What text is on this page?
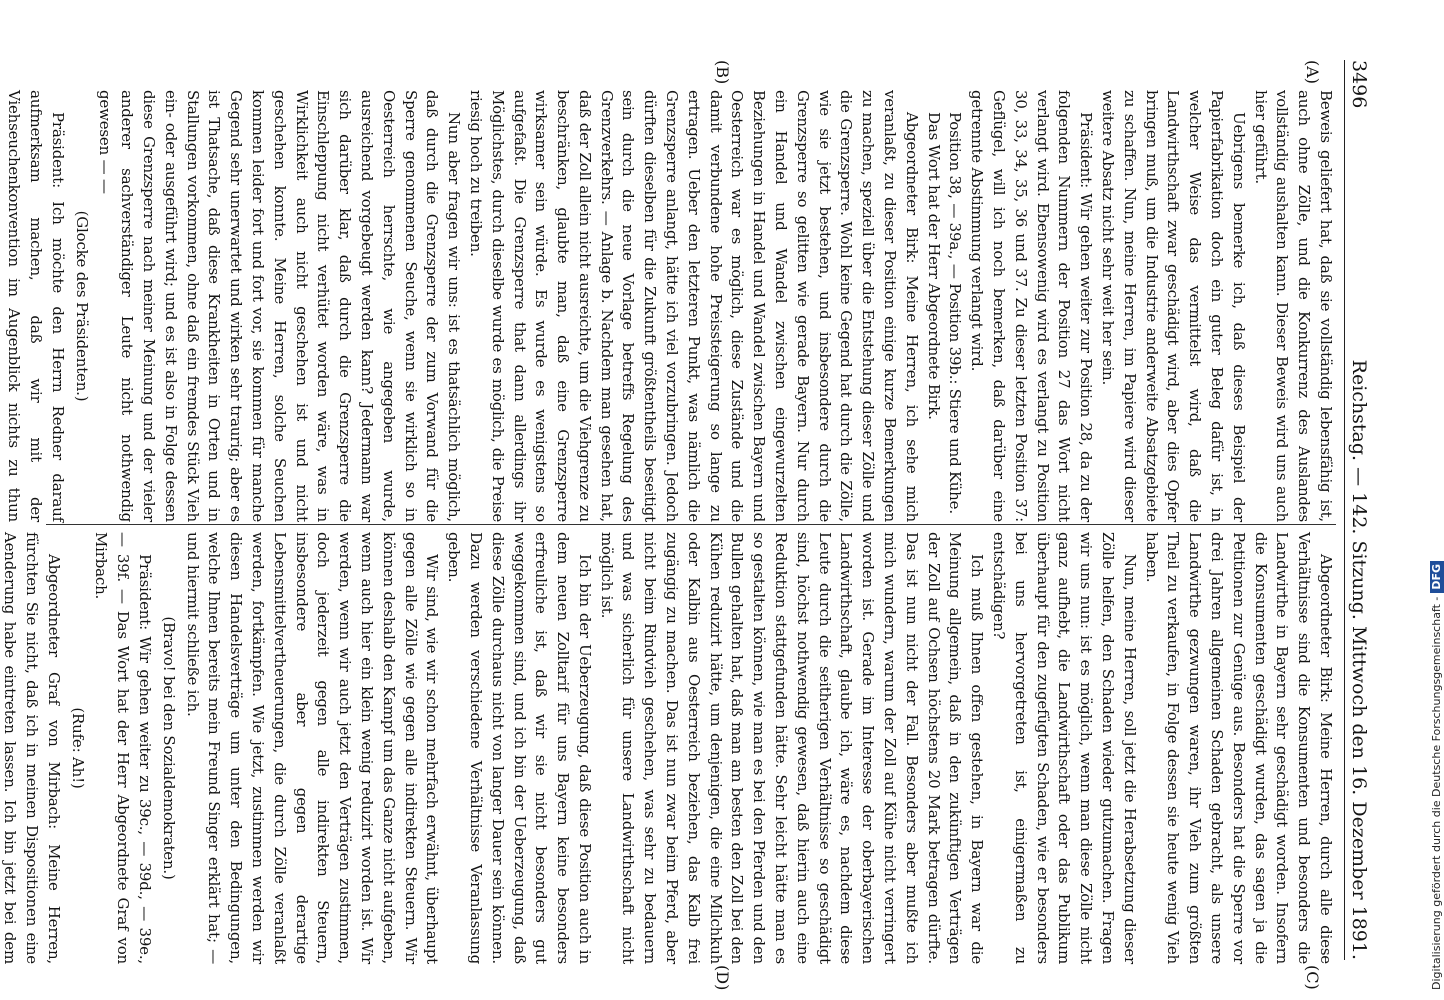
3496
Reichstag. — 142. Sitzung. Mittwoch den 16. Dezember 1891.
(A)
(B)
(C)
(D)

Beweis geliefert hat, daß sie vollständig lebensfähig ist, auch ohne Zölle, und die Konkurrenz des Auslandes vollständig aushalten kann. Dieser Beweis wird uns auch hier geführt.

Uebrigens bemerke ich, daß dieses Beispiel der Papierfabrikation doch ein guter Beleg dafür ist, in welcher Weise das vermittelst wird, daß die Landwirthschaft zwar geschädigt wird, aber dies Opfer bringen muß, um die Industrie anderweite Absatzgebiete zu schaffen. Nun, meine Herren, im Papiere wird dieser weitere Absatz nicht sehr weit her sein.

Präsident: Wir gehen weiter zur Position 28, da zu der folgenden Nummern der Position 27 das Wort nicht verlangt wird. Ebensowenig wird es verlangt zu Position 30, 33, 34, 35, 36 und 37. Zu dieser letzten Position 37: Geflügel, will ich noch bemerken, daß darüber eine getrennte Abstimmung verlangt wird.

Position 38, — 39a., — Position 39b.: Stiere und Kühe.

Das Wort hat der Herr Abgeordnete Birk.

Abgeordneter Birk: Meine Herren, ich sehe mich veranlaßt, zu dieser Position einige kurze Bemerkungen zu machen, speziell über die Entstehung dieser Zölle und die Grenzsperre. Wohl keine Gegend hat durch die Zölle, wie sie jetzt bestehen, und insbesondere durch die Grenzsperre so gelitten wie gerade Bayern. Nur durch ein Handel und Wandel zwischen eingewurzelten Beziehungen in Handel und Wandel zwischen Bayern und Oesterreich war es möglich, diese Zustände und die damit verbundene hohe Preissteigerung so lange zu ertragen. Ueber den letzteren Punkt, was nämlich die Grenzsperre anlangt, hätte ich viel vorzubringen. Jedoch dürften dieselben für die Zukunft größtentheils beseitigt sein durch die neue Vorlage betreffs Regelung des Grenzverkehrs. — Anlage b. Nachdem man gesehen hat, daß der Zoll allein nicht ausreichte, um die Viehgrenze zu beschränken, glaubte man, daß eine Grenzsperre wirksamer sein würde. Es wurde es wenigstens so aufgefaßt. Die Grenzsperre that dann allerdings ihr Möglichstes, durch dieselbe wurde es möglich, die Preise riesig hoch zu treiben.

Nun aber fragen wir uns: ist es thatsächlich möglich, daß durch die Grenzsperre der zum Vorwand für die Sperre genommenen Seuche, wenn sie wirklich so in Oesterreich herrschte, wie angegeben wurde, ausreichend vorgebeugt werden kann? Jedermann war sich darüber klar, daß durch die Grenzsperre die Einschleppung nicht verhütet worden wäre, was in Wirklichkeit auch nicht geschehen ist und nicht geschehen konnte. Meine Herren, solche Seuchen kommen leider fort und fort vor, sie kommen für manche Gegend sehr unerwartet und wirken sehr traurig; aber es ist Thatsache, daß diese Krankheiten in Orten und in Stallungen vorkommen, ohne daß ein fremdes Stück Vieh ein- oder ausgeführt wird; und es ist also in Folge dessen diese Grenzsperre nach meiner Meinung und der vieler anderer sachverständiger Leute nicht nothwendig gewesen — —

(Glocke des Präsidenten.)

Präsident: Ich möchte den Herrn Redner darauf aufmerksam machen, daß wir mit der Viehseuchenkonvention im Augenblick nichts zu thun

Abgeordneter Birk: Meine Herren, durch alle diese Verhältnisse sind die Konsumenten und besonders die Landwirthe in Bayern sehr geschädigt worden. Insofern die Konsumenten geschädigt wurden, das sagen ja die Petitionen zur Genüge aus. Besonders hat die Sperre vor drei Jahren allgemeinen Schaden gebracht, als unsere Landwirthe gezwungen waren, ihr Vieh zum größten Theil zu verkaufen, in Folge dessen sie heute wenig Vieh haben.

Nun, meine Herren, soll jetzt die Herabsetzung dieser Zölle helfen, den Schaden wieder gutzumachen. Fragen wir uns nun: ist es möglich, wenn man diese Zölle nicht ganz aufhebt, die Landwirthschaft oder das Publikum überhaupt für den zugefügten Schaden, wie er besonders bei uns hervorgetreten ist, einigermaßen zu entschädigen?

Ich muß Ihnen offen gestehen, in Bayern war die Meinung allgemein, daß in den zukünftigen Verträgen der Zoll auf Ochsen höchstens 20 Mark betragen dürfte. Das ist nun nicht der Fall. Besonders aber mußte ich mich wundern, warum der Zoll auf Kühe nicht verringert worden ist. Gerade im Interesse der oberbayerischen Landwirthschaft, glaube ich, wäre es, nachdem diese Leute durch die seitherigen Verhältnisse so geschädigt sind, höchst nothwendig gewesen, daß hierin auch eine Reduktion stattgefunden hätte. Sehr leicht hätte man es so gestalten können, wie man es bei den Pferden und den Bullen gehalten hat, daß man am besten den Zoll bei den Kühen reduzirt hätte, um denjenigen, die eine Milchkuh oder Kalbin aus Oesterreich beziehen, das Kalb frei zugängig zu machen. Das ist nun zwar beim Pferd, aber nicht beim Rindvieh geschehen, was sehr zu bedauern und was sicherlich für unsere Landwirthschaft nicht möglich ist.

Ich bin der Ueberzeugung, daß diese Position auch in dem neuen Zolltarif für uns Bayern keine besonders erfreuliche ist, daß wir sie nicht besonders gut weggekommen sind, und ich bin der Ueberzeugung, daß diese Zölle durchaus nicht von langer Dauer sein können. Dazu werden verschiedene Verhältnisse Veranlassung geben.

Wir sind, wie wir schon mehrfach erwähnt, überhaupt gegen alle Zölle wie gegen alle indirekten Steuern. Wir können deshalb den Kampf um das Ganze nicht aufgeben, wenn auch hier ein klein wenig reduzirt worden ist. Wir werden, wenn wir auch jetzt den Verträgen zustimmen, doch jederzeit gegen alle indirekten Steuern, insbesondere aber gegen derartige Lebensmittelvertheuerungen, die durch Zölle veranlaßt werden, fortkämpfen. Wie jetzt, zustimmen werden wir diesen Handelsverträge um unter den Bedingungen, welche Ihnen bereits mein Freund Singer erklärt hat; — und hiermit schließe ich.

(Bravo! bei den Sozialdemokraten.)

Präsident: Wir gehen weiter zu 39c., — 39d., — 39e., — 39f. — Das Wort hat der Herr Abgeordnete Graf von Mirbach.

(Rufe: Ah!)

Abgeordneter Graf von Mirbach: Meine Herren, fürchten Sie nicht, daß ich in meinen Dispositionen eine Aenderung habe eintreten lassen. Ich bin jetzt bei dem	Digitalisierung gefördert durch die Deutsche Forschungsgemeinschaft -DFG
